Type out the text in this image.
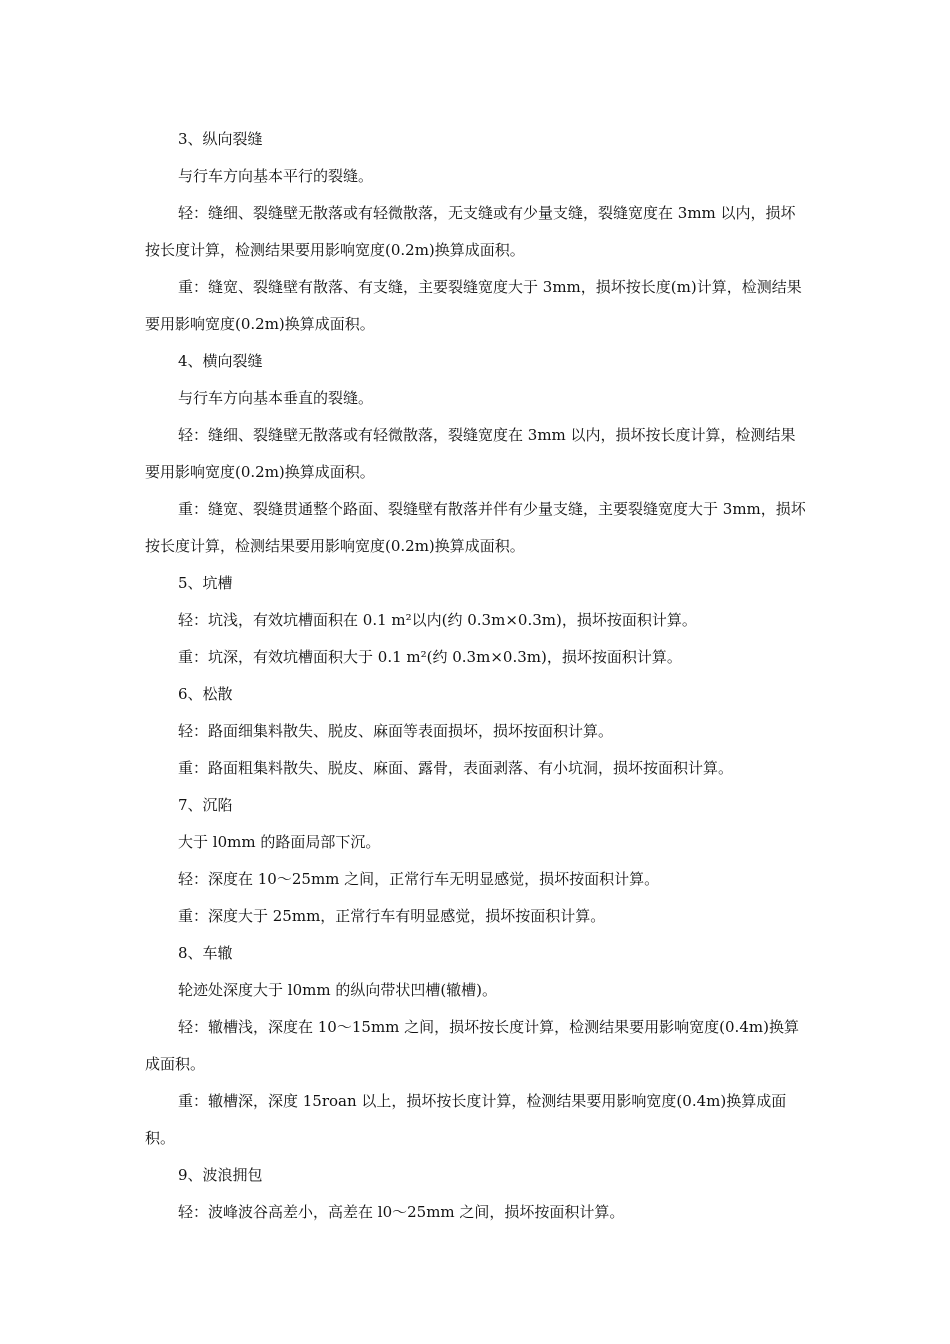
3、纵向裂缝

与行车方向基本平行的裂缝。

轻：缝细、裂缝壁无散落或有轻微散落，无支缝或有少量支缝，裂缝宽度在 3mm 以内，损坏按长度计算，检测结果要用影响宽度(0.2m)换算成面积。

重：缝宽、裂缝壁有散落、有支缝，主要裂缝宽度大于 3mm，损坏按长度(m)计算，检测结果要用影响宽度(0.2m)换算成面积。

4、横向裂缝

与行车方向基本垂直的裂缝。

轻：缝细、裂缝壁无散落或有轻微散落，裂缝宽度在 3mm 以内，损坏按长度计算，检测结果要用影响宽度(0.2m)换算成面积。

重：缝宽、裂缝贯通整个路面、裂缝壁有散落并伴有少量支缝，主要裂缝宽度大于 3mm，损坏按长度计算，检测结果要用影响宽度(0.2m)换算成面积。

5、坑槽

轻：坑浅，有效坑槽面积在 0.1 m²以内(约 0.3m×0.3m)，损坏按面积计算。

重：坑深，有效坑槽面积大于 0.1 m²(约 0.3m×0.3m)，损坏按面积计算。

6、松散

轻：路面细集料散失、脱皮、麻面等表面损坏，损坏按面积计算。

重：路面粗集料散失、脱皮、麻面、露骨，表面剥落、有小坑洞，损坏按面积计算。

7、沉陷

大于 l0mm 的路面局部下沉。

轻：深度在 10～25mm 之间，正常行车无明显感觉，损坏按面积计算。

重：深度大于 25mm，正常行车有明显感觉，损坏按面积计算。

8、车辙

轮迹处深度大于 l0mm 的纵向带状凹槽(辙槽)。

轻：辙槽浅，深度在 10～15mm 之间，损坏按长度计算，检测结果要用影响宽度(0.4m)换算成面积。

重：辙槽深，深度 15roan 以上，损坏按长度计算，检测结果要用影响宽度(0.4m)换算成面积。

9、波浪拥包

轻：波峰波谷高差小，高差在 l0～25mm 之间，损坏按面积计算。
